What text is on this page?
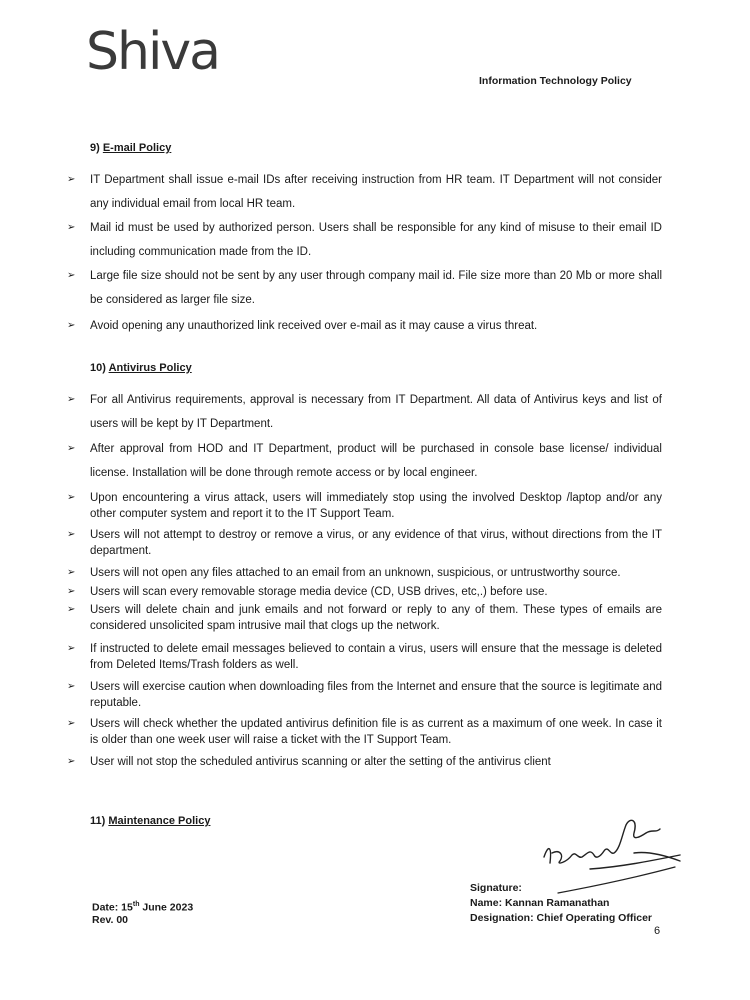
Shiva	Information Technology Policy
9) E-mail Policy
➢	IT Department shall issue e-mail IDs after receiving instruction from HR team. IT Department will not consider any individual email from local HR team.
➢	Mail id must be used by authorized person. Users shall be responsible for any kind of misuse to their email ID including communication made from the ID.
➢	Large file size should not be sent by any user through company mail id. File size more than 20 Mb or more shall be considered as larger file size.
➢	Avoid opening any unauthorized link received over e-mail as it may cause a virus threat.
10) Antivirus Policy
➢	For all Antivirus requirements, approval is necessary from IT Department. All data of Antivirus keys and list of users will be kept by IT Department.
➢	After approval from HOD and IT Department, product will be purchased in console base license/ individual license. Installation will be done through remote access or by local engineer.
➢	Upon encountering a virus attack, users will immediately stop using the involved Desktop /laptop and/or any other computer system and report it to the IT Support Team.
➢	Users will not attempt to destroy or remove a virus, or any evidence of that virus, without directions from the IT department.
➢	Users will not open any files attached to an email from an unknown, suspicious, or untrustworthy source.
➢	Users will scan every removable storage media device (CD, USB drives, etc,.) before use.
➢	Users will delete chain and junk emails and not forward or reply to any of them. These types of emails are considered unsolicited spam intrusive mail that clogs up the network.
➢	If instructed to delete email messages believed to contain a virus, users will ensure that the message is deleted from Deleted Items/Trash folders as well.
➢	Users will exercise caution when downloading files from the Internet and ensure that the source is legitimate and reputable.
➢	Users will check whether the updated antivirus definition file is as current as a maximum of one week. In case it is older than one week user will raise a ticket with the IT Support Team.
➢	User will not stop the scheduled antivirus scanning or alter the setting of the antivirus client
11) Maintenance Policy
Date: 15th June 2023
Rev. 00
Signature:
Name: Kannan Ramanathan
Designation: Chief Operating Officer
6
